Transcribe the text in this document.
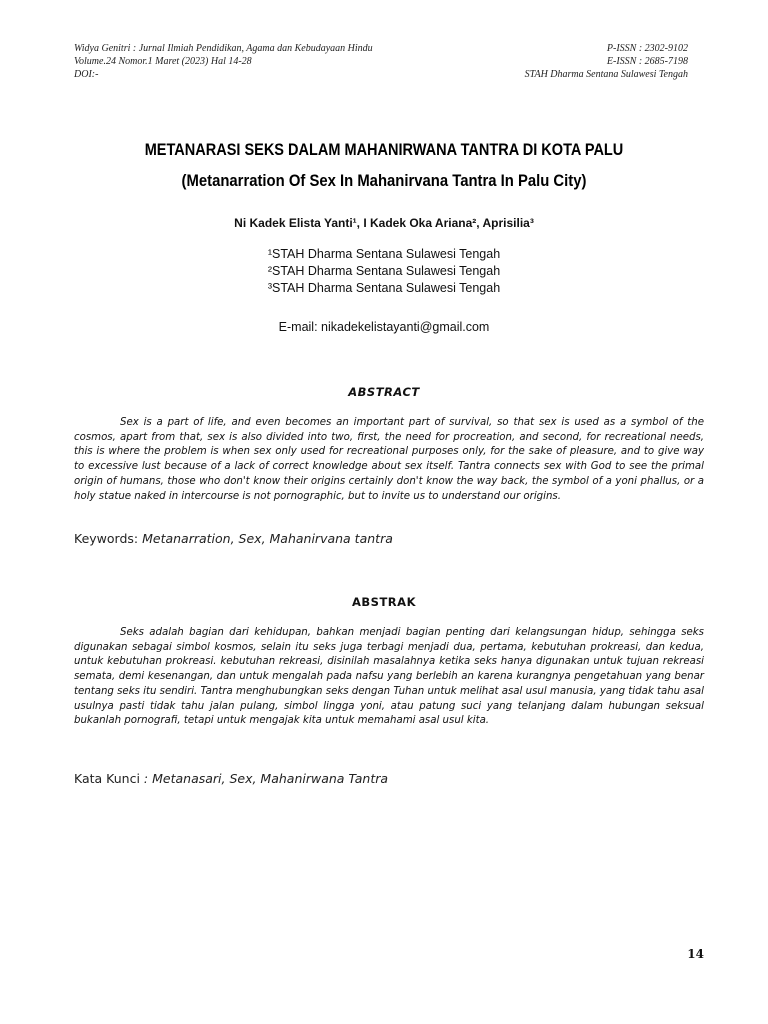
Widya Genitri : Jurnal Ilmiah Pendidikan, Agama dan Kebudayaan Hindu	P-ISSN : 2302-9102
Volume.24 Nomor.1 Maret (2023) Hal 14-28	E-ISSN : 2685-7198
DOI:-	STAH Dharma Sentana Sulawesi Tengah
METANARASI SEKS DALAM MAHANIRWANA TANTRA DI KOTA PALU
(Metanarration Of Sex In Mahanirvana Tantra In Palu City)
Ni Kadek Elista Yanti¹, I Kadek Oka Ariana², Aprisilia³
¹STAH Dharma Sentana Sulawesi Tengah
²STAH Dharma Sentana Sulawesi Tengah
³STAH Dharma Sentana Sulawesi Tengah
E-mail: nikadekelistayanti@gmail.com
ABSTRACT

Sex is a part of life, and even becomes an important part of survival, so that sex is used as a symbol of the cosmos, apart from that, sex is also divided into two, first, the need for procreation, and second, for recreational needs, this is where the problem is when sex only used for recreational purposes only, for the sake of pleasure, and to give way to excessive lust because of a lack of correct knowledge about sex itself. Tantra connects sex with God to see the primal origin of humans, those who don't know their origins certainly don't know the way back, the symbol of a yoni phallus, or a holy statue naked in intercourse is not pornographic, but to invite us to understand our origins.

Keywords: Metanarration, Sex, Mahanirvana tantra
ABSTRAK

Seks adalah bagian dari kehidupan, bahkan menjadi bagian penting dari kelangsungan hidup, sehingga seks digunakan sebagai simbol kosmos, selain itu seks juga terbagi menjadi dua, pertama, kebutuhan prokreasi, dan kedua, untuk kebutuhan prokreasi. kebutuhan rekreasi, disinilah masalahnya ketika seks hanya digunakan untuk tujuan rekreasi semata, demi kesenangan, dan untuk mengalah pada nafsu yang berlebih an karena kurangnya pengetahuan yang benar tentang seks itu sendiri. Tantra menghubungkan seks dengan Tuhan untuk melihat asal usul manusia, yang tidak tahu asal usulnya pasti tidak tahu jalan pulang, simbol lingga yoni, atau patung suci yang telanjang dalam hubungan seksual bukanlah pornografi, tetapi untuk mengajak kita untuk memahami asal usul kita.

Kata Kunci : Metanasari, Sex, Mahanirwana Tantra
14
